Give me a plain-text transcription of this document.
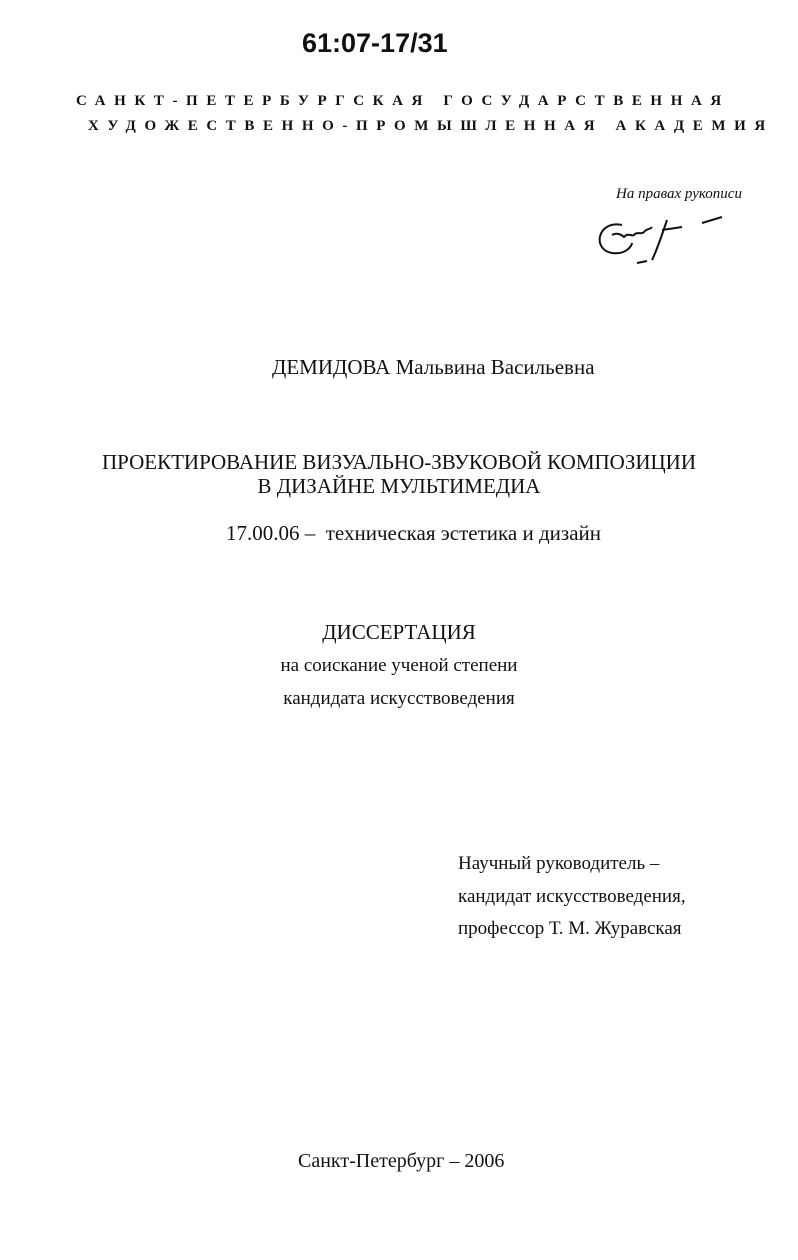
61:07-17/31
САНКТ-ПЕТЕРБУРГСКАЯ ГОСУДАРСТВЕННАЯ
ХУДОЖЕСТВЕННО-ПРОМЫШЛЕННАЯ АКАДЕМИЯ
На правах рукописи
ДЕМИДОВА Мальвина Васильевна
ПРОЕКТИРОВАНИЕ ВИЗУАЛЬНО-ЗВУКОВОЙ КОМПОЗИЦИИ
В ДИЗАЙНЕ МУЛЬТИМЕДИА
17.00.06 –  техническая эстетика и дизайн
ДИССЕРТАЦИЯ
на соискание ученой степени
кандидата искусствоведения
Научный руководитель –
кандидат искусствоведения,
профессор Т. М. Журавская
Санкт-Петербург – 2006
